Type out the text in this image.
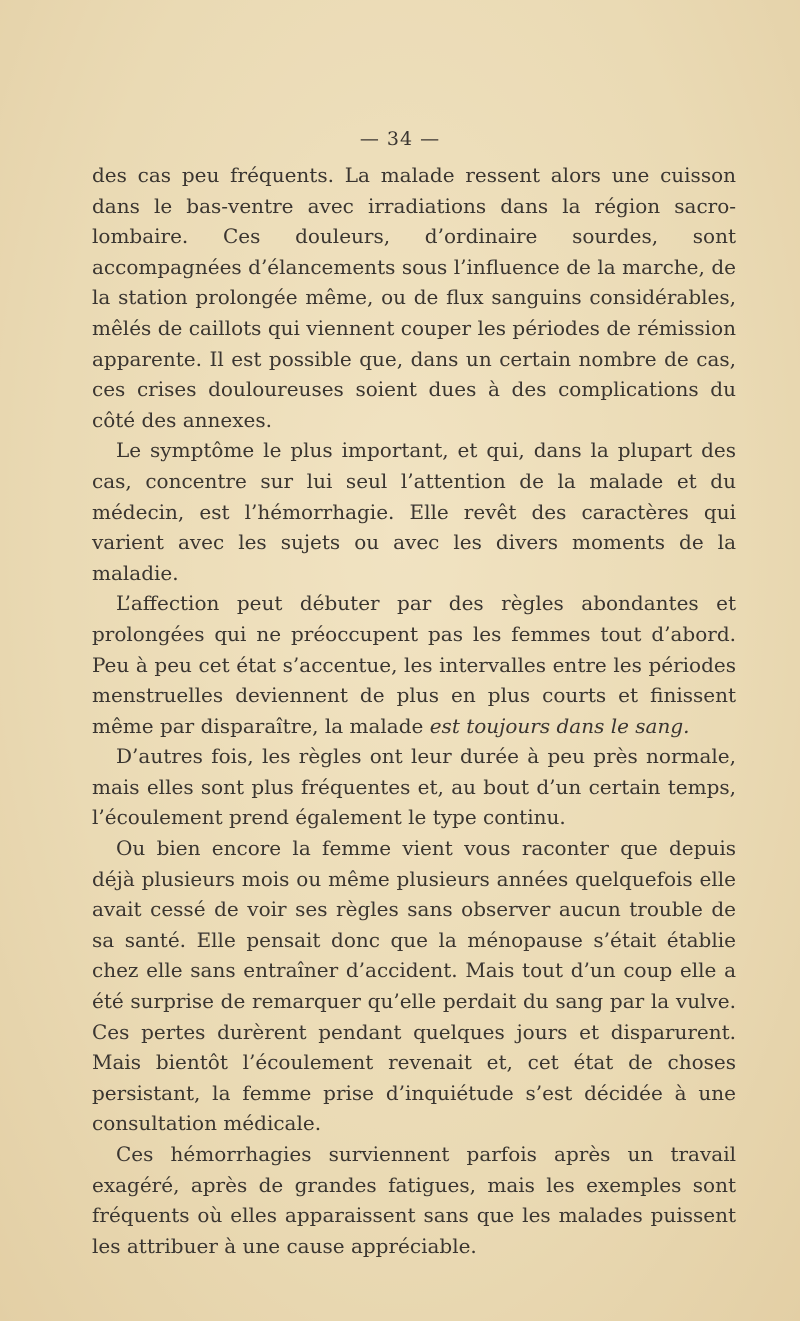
— 34 —

des cas peu fréquents. La malade ressent alors une cuisson dans le bas-ventre avec irradiations dans la région sacro-lombaire. Ces douleurs, d’ordinaire sourdes, sont accompagnées d’élancements sous l’influence de la marche, de la station prolongée même, ou de flux sanguins considérables, mêlés de caillots qui viennent couper les périodes de rémission apparente. Il est possible que, dans un certain nombre de cas, ces crises douloureuses soient dues à des complications du côté des annexes.

Le symptôme le plus important, et qui, dans la plupart des cas, concentre sur lui seul l’attention de la malade et du médecin, est l’hémorrhagie. Elle revêt des caractères qui varient avec les sujets ou avec les divers moments de la maladie.

L’affection peut débuter par des règles abondantes et prolongées qui ne préoccupent pas les femmes tout d’abord. Peu à peu cet état s’accentue, les intervalles entre les périodes menstruelles deviennent de plus en plus courts et finissent même par disparaître, la malade est toujours dans le sang.

D’autres fois, les règles ont leur durée à peu près normale, mais elles sont plus fréquentes et, au bout d’un certain temps, l’écoulement prend également le type continu.

Ou bien encore la femme vient vous raconter que depuis déjà plusieurs mois ou même plusieurs années quelquefois elle avait cessé de voir ses règles sans observer aucun trouble de sa santé. Elle pensait donc que la ménopause s’était établie chez elle sans entraîner d’accident. Mais tout d’un coup elle a été surprise de remarquer qu’elle perdait du sang par la vulve. Ces pertes durèrent pendant quelques jours et disparurent. Mais bientôt l’écoulement revenait et, cet état de choses persistant, la femme prise d’inquiétude s’est décidée à une consultation médicale.

Ces hémorrhagies surviennent parfois après un travail exagéré, après de grandes fatigues, mais les exemples sont fréquents où elles apparaissent sans que les malades puissent les attribuer à une cause appréciable.
